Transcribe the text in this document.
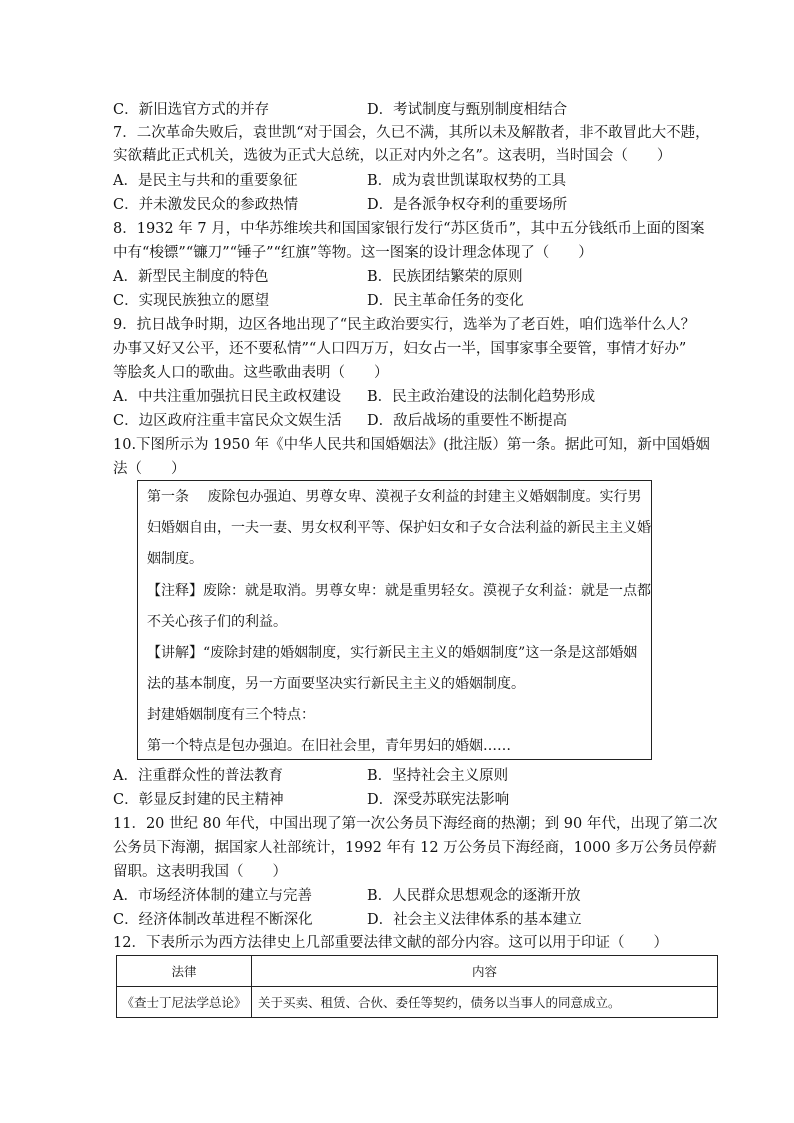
C．新旧选官方式的并存	D．考试制度与甄别制度相结合
7．二次革命失败后，袁世凯“对于国会，久已不满，其所以未及解散者，非不敢冒此大不韪，
实欲藉此正式机关，选彼为正式大总统，以正对内外之名”。这表明，当时国会（　　）
A．是民主与共和的重要象征	B．成为袁世凯谋取权势的工具
C．并未激发民众的参政热情	D．是各派争权夺利的重要场所
8．1932 年 7 月，中华苏维埃共和国国家银行发行“苏区货币”，其中五分钱纸币上面的图案
中有“梭镖”“镰刀”“锤子”“红旗”等物。这一图案的设计理念体现了（　　）
A．新型民主制度的特色	B．民族团结繁荣的原则
C．实现民族独立的愿望	D．民主革命任务的变化
9．抗日战争时期，边区各地出现了“民主政治要实行，选举为了老百姓，咱们选举什么人？
办事又好又公平，还不要私情”“人口四万万，妇女占一半，国事家事全要管，事情才好办”
等脍炙人口的歌曲。这些歌曲表明（　　）
A．中共注重加强抗日民主政权建设 B．民主政治建设的法制化趋势形成
C．边区政府注重丰富民众文娱生活 D．敌后战场的重要性不断提高
10.下图所示为 1950 年《中华人民共和国婚姻法》(批注版）第一条。据此可知，新中国婚姻
法（　　）
第一条　 废除包办强迫、男尊女卑、漠视子女利益的封建主义婚姻制度。实行男
妇婚姻自由，一夫一妻、男女权利平等、保护妇女和子女合法利益的新民主主义婚
姻制度。
【注释】废除：就是取消。男尊女卑：就是重男轻女。漠视子女利益：就是一点都
不关心孩子们的利益。
【讲解】“废除封建的婚姻制度，实行新民主主义的婚姻制度”这一条是这部婚姻
法的基本制度，另一方面要坚决实行新民主主义的婚姻制度。
封建婚姻制度有三个特点：
第一个特点是包办强迫。在旧社会里，青年男妇的婚姻……
A．注重群众性的普法教育	B．坚持社会主义原则
C．彰显反封建的民主精神	D．深受苏联宪法影响
11．20 世纪 80 年代，中国出现了第一次公务员下海经商的热潮；到 90 年代，出现了第二次
公务员下海潮，据国家人社部统计，1992 年有 12 万公务员下海经商，1000 多万公务员停薪
留职。这表明我国（　　）
A．市场经济体制的建立与完善	B．人民群众思想观念的逐渐开放
C．经济体制改革进程不断深化	D．社会主义法律体系的基本建立
12．下表所示为西方法律史上几部重要法律文献的部分内容。这可以用于印证（　　）
法律	内容
《查士丁尼法学总论》	关于买卖、租赁、合伙、委任等契约，债务以当事人的同意成立。
